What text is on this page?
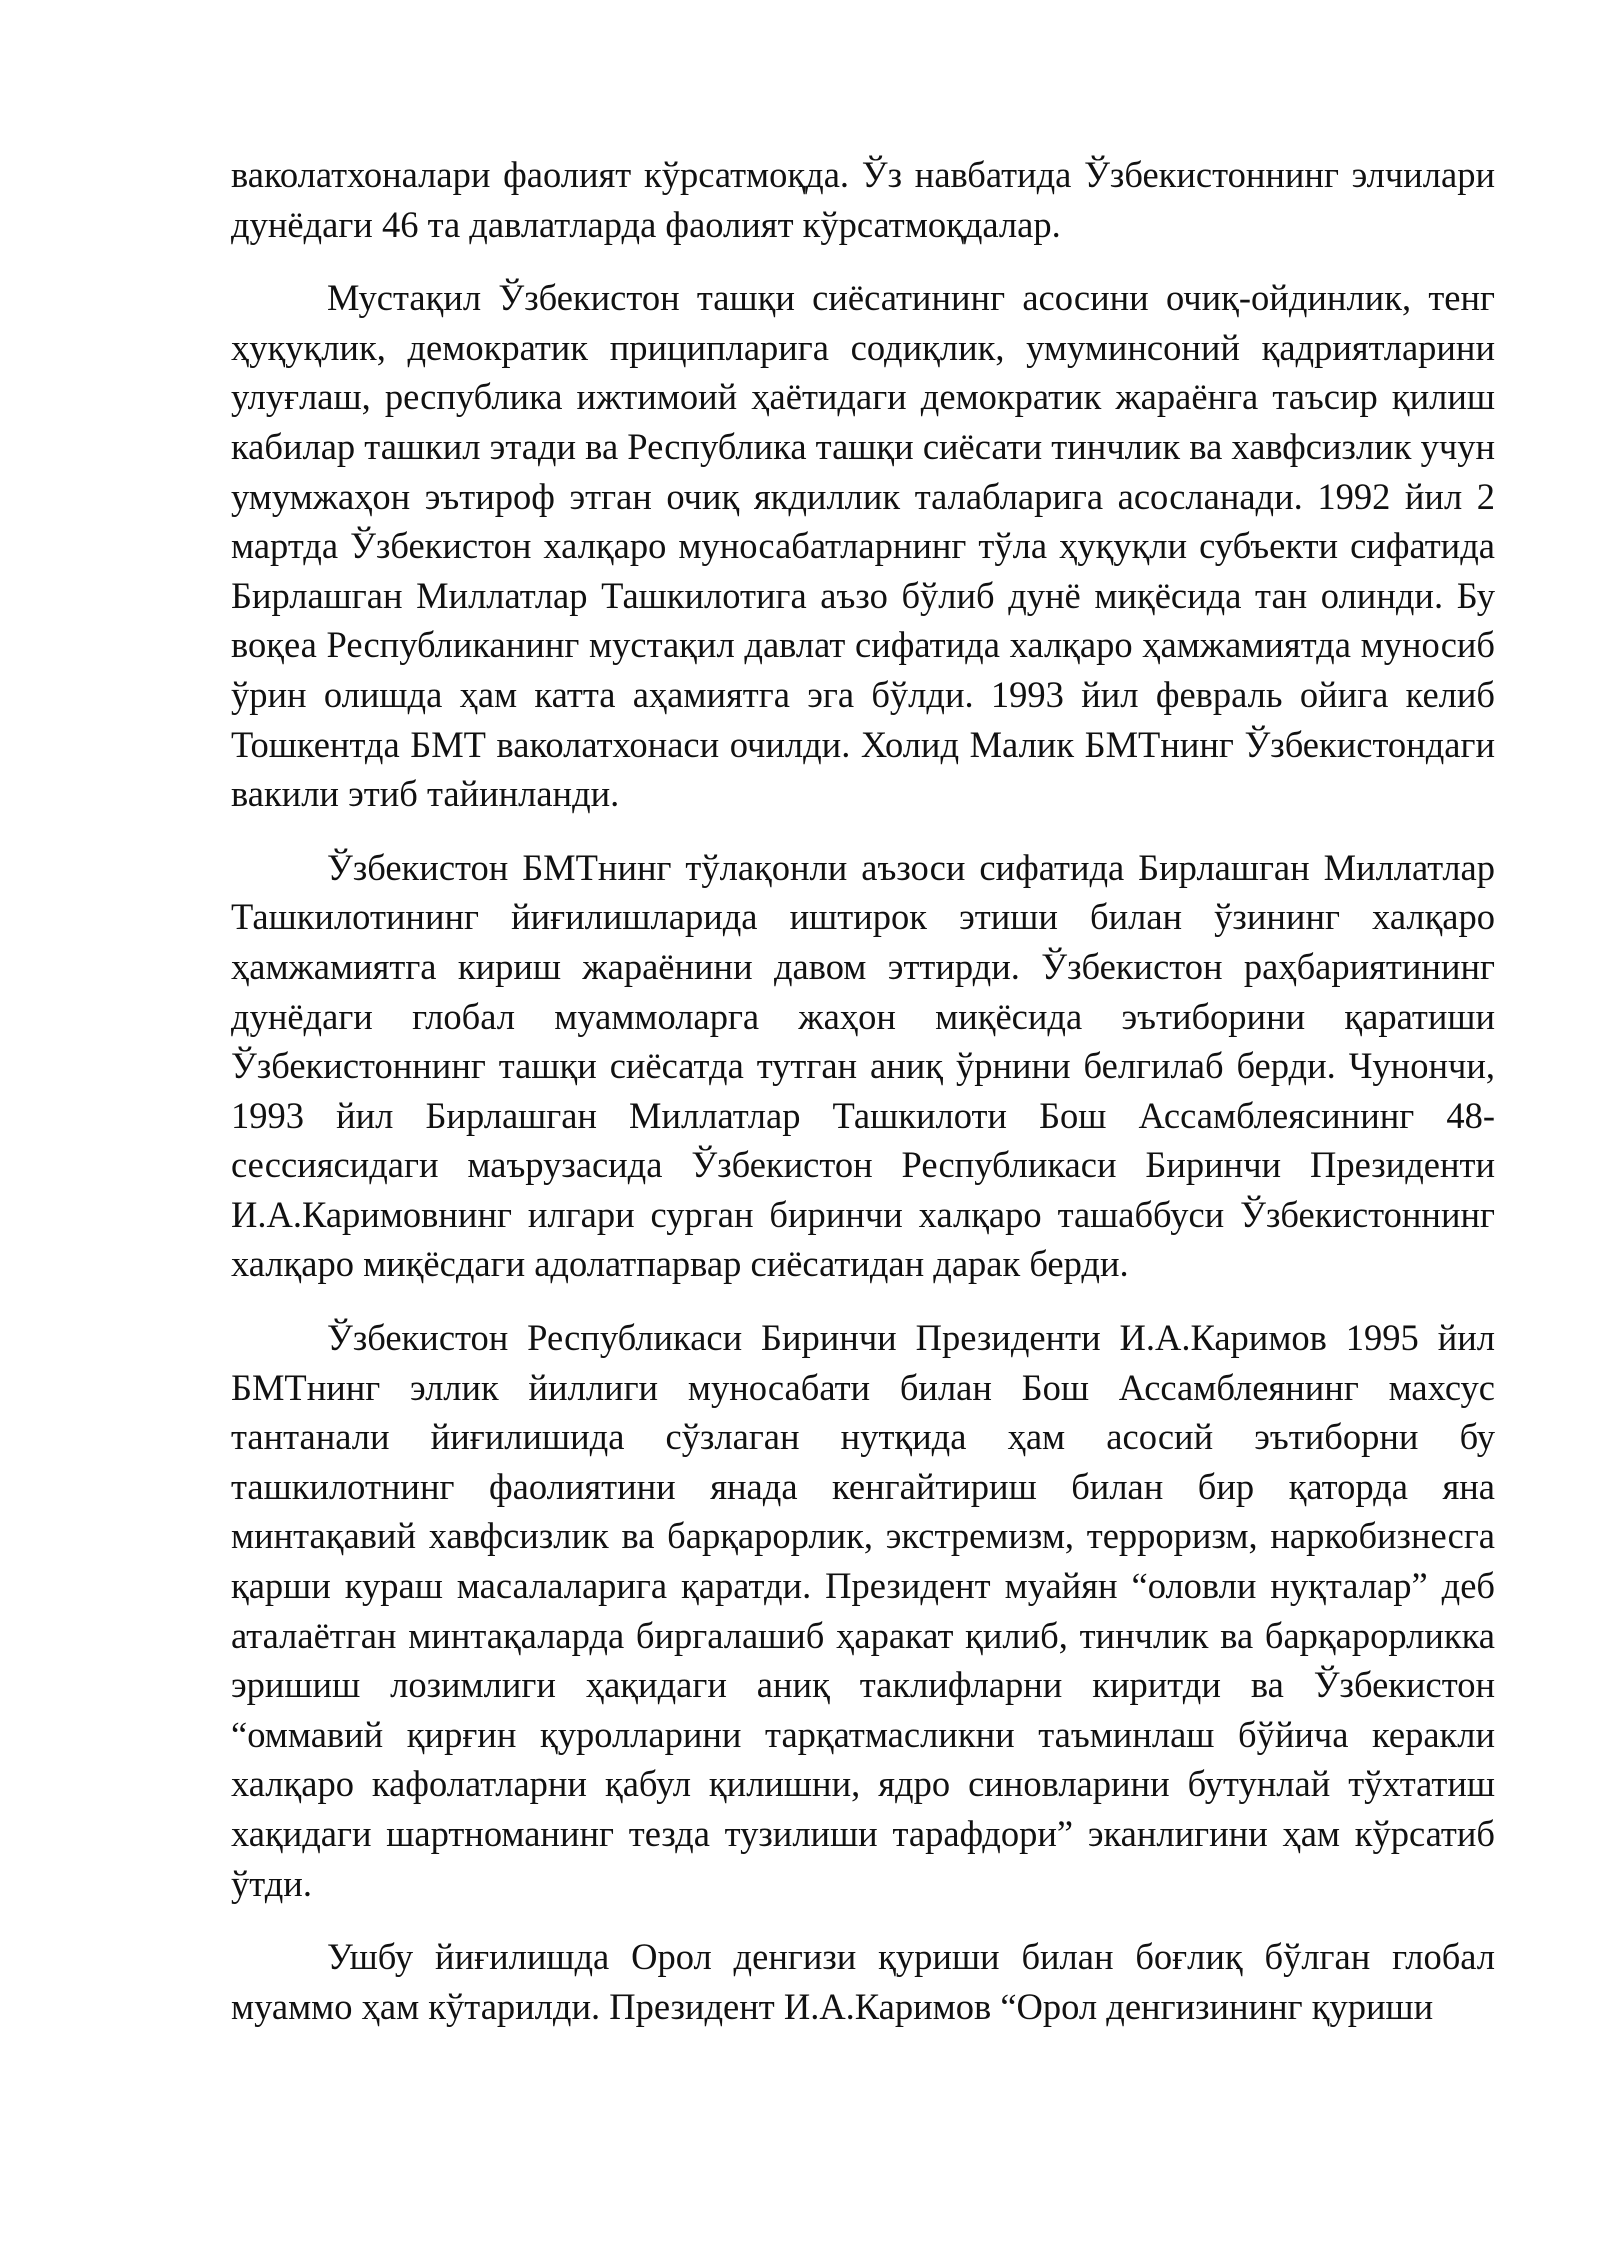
ваколатхоналари фаолият кўрсатмоқда. Ўз навбатида Ўзбекистоннинг элчилари дунёдаги 46 та давлатларда фаолият кўрсатмоқдалар.

Мустақил Ўзбекистон ташқи сиёсатининг асосини очиқ-ойдинлик, тенг ҳуқуқлик, демократик приципларига содиқлик, умуминсоний қадриятларини улуғлаш, республика ижтимоий ҳаётидаги демократик жараёнга таъсир қилиш кабилар ташкил этади ва Республика ташқи сиёсати тинчлик ва хавфсизлик учун умумжаҳон эътироф этган очиқ якдиллик талабларига асосланади. 1992 йил 2 мартда Ўзбекистон халқаро муносабатларнинг тўла ҳуқуқли субъекти сифатида Бирлашган Миллатлар Ташкилотига аъзо бўлиб дунё миқёсида тан олинди. Бу воқеа Республиканинг мустақил давлат сифатида халқаро ҳамжамиятда муносиб ўрин олишда ҳам катта аҳамиятга эга бўлди. 1993 йил февраль ойига келиб Тошкентда БМТ ваколатхонаси очилди. Холид Малик БМТнинг Ўзбекистондаги вакили этиб тайинланди.

Ўзбекистон БМТнинг тўлақонли аъзоси сифатида Бирлашган Миллатлар Ташкилотининг йиғилишларида иштирок этиши билан ўзининг халқаро ҳамжамиятга кириш жараёнини давом эттирди. Ўзбекистон раҳбариятининг дунёдаги глобал муаммоларга жаҳон миқёсида эътиборини қаратиши Ўзбекистоннинг ташқи сиёсатда тутган аниқ ўрнини белгилаб берди. Чунончи, 1993 йил Бирлашган Миллатлар Ташкилоти Бош Ассамблеясининг 48-сессиясидаги маърузасида Ўзбекистон Республикаси Биринчи Президенти И.А.Каримовнинг илгари сурган биринчи халқаро ташаббуси Ўзбекистоннинг халқаро миқёсдаги адолатпарвар сиёсатидан дарак берди.

Ўзбекистон Республикаси Биринчи Президенти И.А.Каримов 1995 йил БМТнинг эллик йиллиги муносабати билан Бош Ассамблеянинг махсус тантанали йиғилишида сўзлаган нутқида ҳам асосий эътиборни бу ташкилотнинг фаолиятини янада кенгайтириш билан бир қаторда яна минтақавий хавфсизлик ва барқарорлик, экстремизм, терроризм, наркобизнесга қарши кураш масалаларига қаратди. Президент муайян “оловли нуқталар” деб аталаётган минтақаларда биргалашиб ҳаракат қилиб, тинчлик ва барқарорликка эришиш лозимлиги ҳақидаги аниқ таклифларни киритди ва Ўзбекистон “оммавий қирғин қуролларини тарқатмасликни таъминлаш бўйича керакли халқаро кафолатларни қабул қилишни, ядро синовларини бутунлай тўхтатиш хақидаги шартноманинг тезда тузилиши тарафдори” эканлигини ҳам кўрсатиб ўтди.

Ушбу йиғилишда Орол денгизи қуриши билан боғлиқ бўлган глобал муаммо ҳам кўтарилди. Президент И.А.Каримов “Орол денгизининг қуриши
